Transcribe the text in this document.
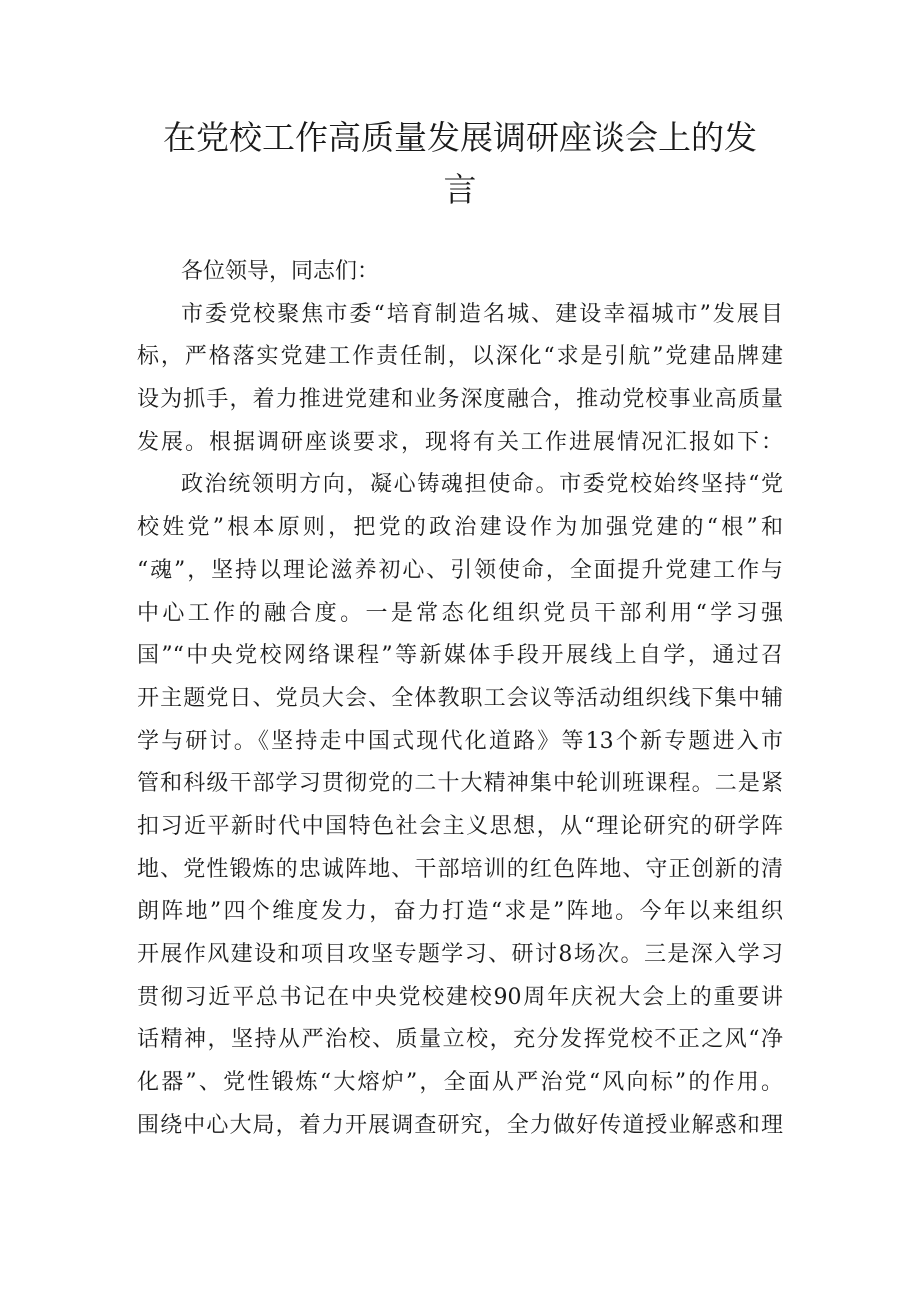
在党校工作高质量发展调研座谈会上的发
言
各位领导，同志们：
市委党校聚焦市委“培育制造名城、建设幸福城市”发展目
标，严格落实党建工作责任制，以深化“求是引航”党建品牌建
设为抓手，着力推进党建和业务深度融合，推动党校事业高质量
发展。根据调研座谈要求，现将有关工作进展情况汇报如下：
政治统领明方向，凝心铸魂担使命。市委党校始终坚持“党
校姓党”根本原则，把党的政治建设作为加强党建的“根”和
“魂”，坚持以理论滋养初心、引领使命，全面提升党建工作与
中心工作的融合度。一是常态化组织党员干部利用“学习强
国”“中央党校网络课程”等新媒体手段开展线上自学，通过召
开主题党日、党员大会、全体教职工会议等活动组织线下集中辅
学与研讨。《坚持走中国式现代化道路》等13个新专题进入市
管和科级干部学习贯彻党的二十大精神集中轮训班课程。二是紧
扣习近平新时代中国特色社会主义思想，从“理论研究的研学阵
地、党性锻炼的忠诚阵地、干部培训的红色阵地、守正创新的清
朗阵地”四个维度发力，奋力打造“求是”阵地。今年以来组织
开展作风建设和项目攻坚专题学习、研讨8场次。三是深入学习
贯彻习近平总书记在中央党校建校90周年庆祝大会上的重要讲
话精神，坚持从严治校、质量立校，充分发挥党校不正之风“净
化器”、党性锻炼“大熔炉”，全面从严治党“风向标”的作用。
围绕中心大局，着力开展调查研究，全力做好传道授业解惑和理
